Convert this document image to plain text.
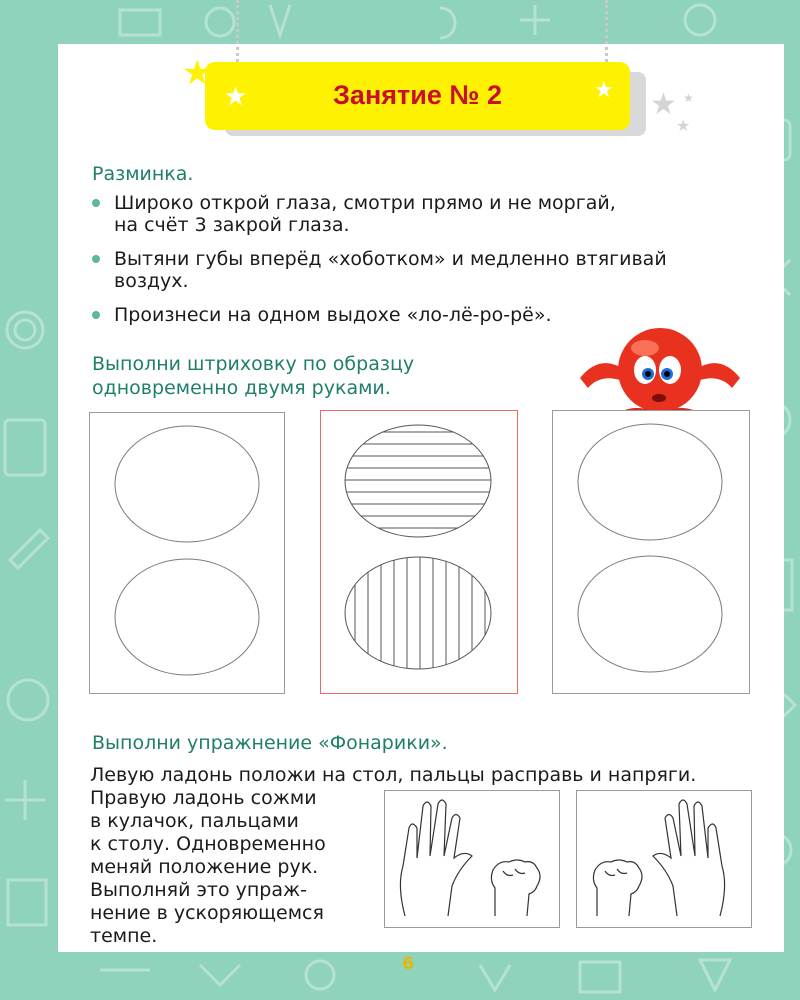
★
★	★ ★
★
★
Занятие № 2
Разминка.
Широко открой глаза, смотри прямо и не моргай,
на счёт 3 закрой глаза.
Вытяни губы вперёд «хоботком» и медленно втягивай
воздух.
Произнеси на одном выдохе «ло-лё-ро-рё».
Выполни штриховку по образцу
одновременно двумя руками.
Выполни упражнение «Фонарики».
Левую ладонь положи на стол, пальцы расправь и напряги.
Правую ладонь сожми
в кулачок, пальцами
к столу. Одновременно
меняй положение рук.
Выполняй это упраж-
нение в ускоряющемся
темпе.
6
